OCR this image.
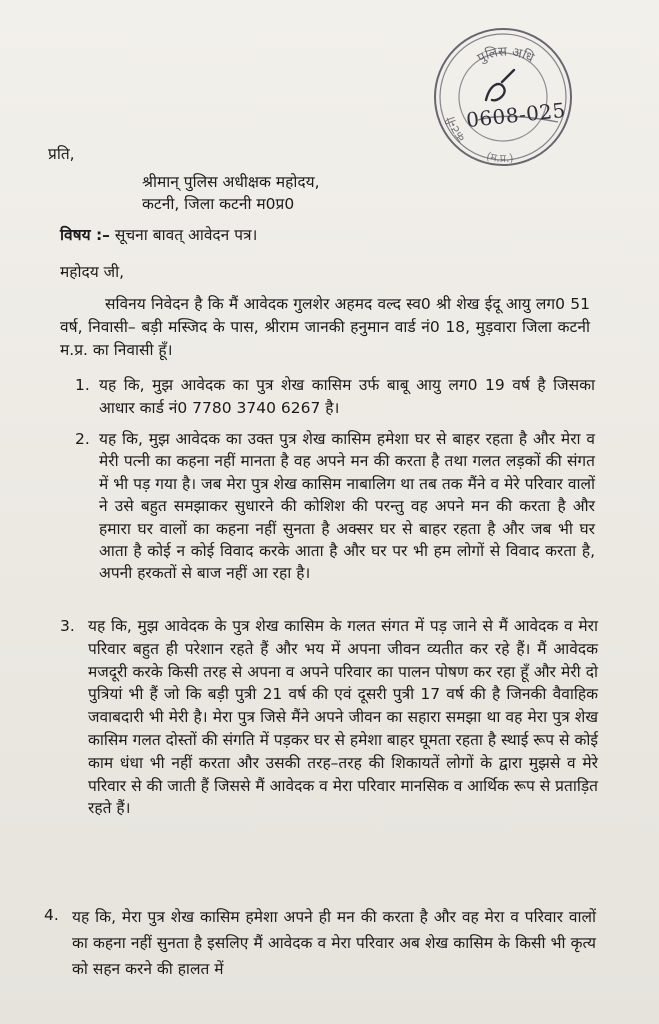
पुलिस अधि
कटनी
(म.प्र.)
0608-025
प्रति,
श्रीमान् पुलिस अधीक्षक महोदय,
कटनी, जिला कटनी म0प्र0
विषय :– सूचना बावत् आवेदन पत्र।
महोदय जी,
सविनय निवेदन है कि मैं आवेदक गुलशेर अहमद वल्द स्व0 श्री शेख ईदू आयु लग0 51 वर्ष, निवासी– बड़ी मस्जिद के पास, श्रीराम जानकी हनुमान वार्ड नं0 18, मुड़वारा जिला कटनी म.प्र. का निवासी हूँ।
1. यह कि, मुझ आवेदक का पुत्र शेख कासिम उर्फ बाबू आयु लग0 19 वर्ष है जिसका आधार कार्ड नं0 7780 3740 6267 है।
2. यह कि, मुझ आवेदक का उक्त पुत्र शेख कासिम हमेशा घर से बाहर रहता है और मेरा व मेरी पत्नी का कहना नहीं मानता है वह अपने मन की करता है तथा गलत लड़कों की संगत में भी पड़ गया है। जब मेरा पुत्र शेख कासिम नाबालिग था तब तक मैंने व मेरे परिवार वालों ने उसे बहुत समझाकर सुधारने की कोशिश की परन्तु वह अपने मन की करता है और हमारा घर वालों का कहना नहीं सुनता है अक्सर घर से बाहर रहता है और जब भी घर आता है कोई न कोई विवाद करके आता है और घर पर भी हम लोगों से विवाद करता है, अपनी हरकतों से बाज नहीं आ रहा है।
3. यह कि, मुझ आवेदक के पुत्र शेख कासिम के गलत संगत में पड़ जाने से मैं आवेदक व मेरा परिवार बहुत ही परेशान रहते हैं और भय में अपना जीवन व्यतीत कर रहे हैं। मैं आवेदक मजदूरी करके किसी तरह से अपना व अपने परिवार का पालन पोषण कर रहा हूँ और मेरी दो पुत्रियां भी हैं जो कि बड़ी पुत्री 21 वर्ष की एवं दूसरी पुत्री 17 वर्ष की है जिनकी वैवाहिक जवाबदारी भी मेरी है। मेरा पुत्र जिसे मैंने अपने जीवन का सहारा समझा था वह मेरा पुत्र शेख कासिम गलत दोस्तों की संगति में पड़कर घर से हमेशा बाहर घूमता रहता है स्थाई रूप से कोई काम धंधा भी नहीं करता और उसकी तरह–तरह की शिकायतें लोगों के द्वारा मुझसे व मेरे परिवार से की जाती हैं जिससे मैं आवेदक व मेरा परिवार मानसिक व आर्थिक रूप से प्रताड़ित रहते हैं।
4. यह कि, मेरा पुत्र शेख कासिम हमेशा अपने ही मन की करता है और वह मेरा व परिवार वालों का कहना नहीं सुनता है इसलिए मैं आवेदक व मेरा परिवार अब शेख कासिम के किसी भी कृत्य को सहन करने की हालत में
